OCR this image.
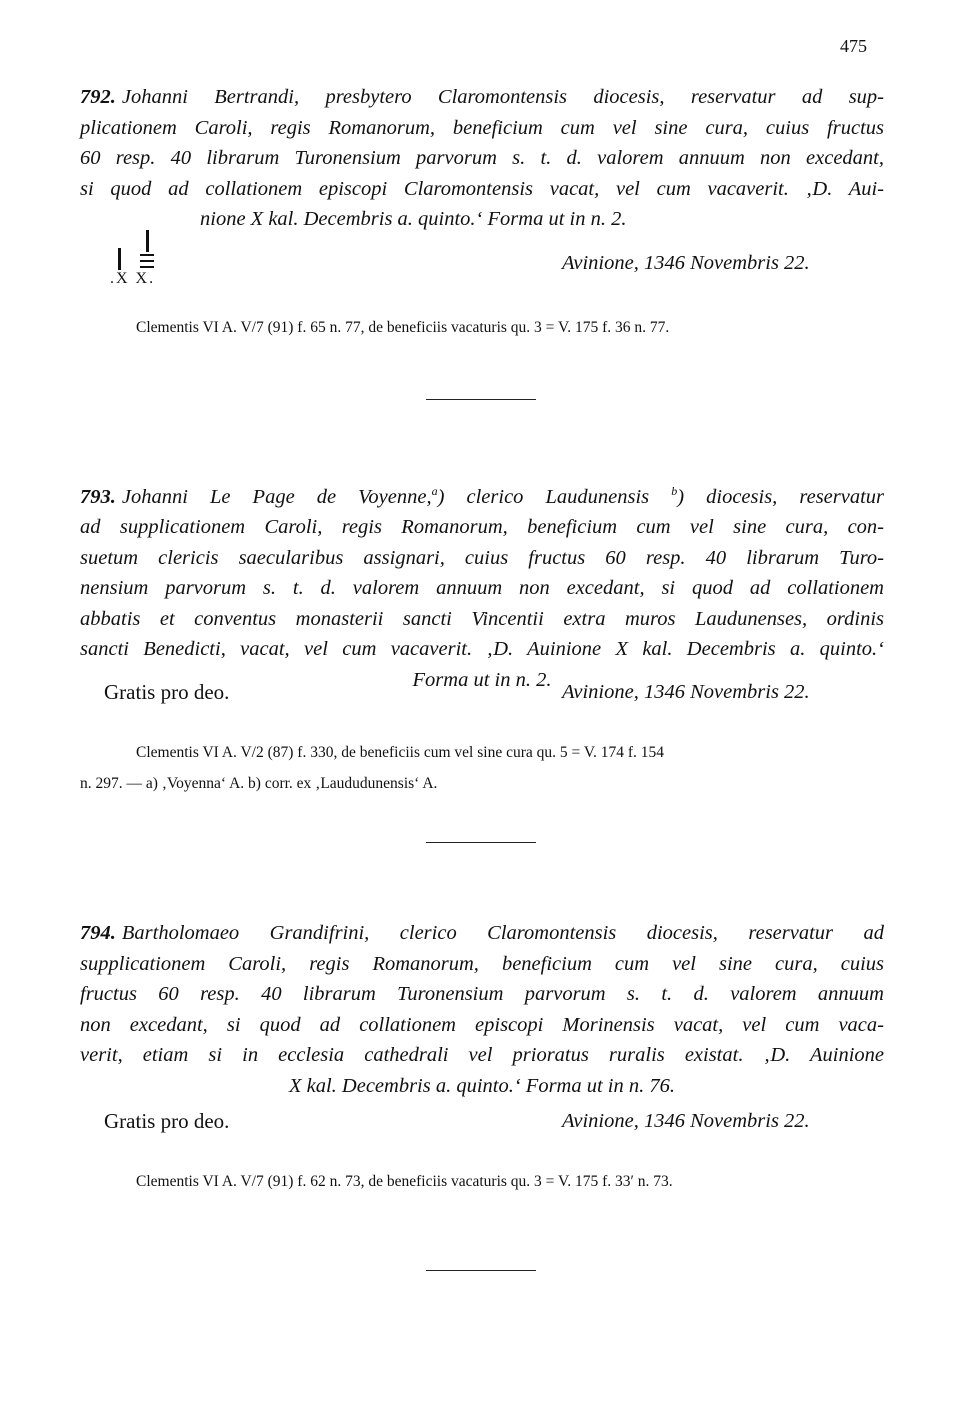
475
792. Johanni Bertrandi, presbytero Claromontensis diocesis, reservatur ad sup-
plicationem Caroli, regis Romanorum, beneficium cum vel sine cura, cuius fructus
60 resp. 40 librarum Turonensium parvorum s. t. d. valorem annuum non excedant,
si quod ad collationem episcopi Claromontensis vacat, vel cum vacaverit. ‚D. Aui-
nione X kal. Decembris a. quinto.‘ Forma ut in n. 2.
.X X.
Avinione, 1346 Novembris 22.
Clementis VI A. V/7 (91) f. 65 n. 77, de beneficiis vacaturis qu. 3 = V. 175 f. 36 n. 77.
793. Johanni Le Page de Voyenne,$^a$) clerico Laudunensis $^b$) diocesis, reservatur
ad supplicationem Caroli, regis Romanorum, beneficium cum vel sine cura, con-
suetum clericis saecularibus assignari, cuius fructus 60 resp. 40 librarum Turo-
nensium parvorum s. t. d. valorem annuum non excedant, si quod ad collationem
abbatis et conventus monasterii sancti Vincentii extra muros Laudunenses, ordinis
sancti Benedicti, vacat, vel cum vacaverit. ‚D. Auinione X kal. Decembris a. quinto.‘
Forma ut in n. 2.
Gratis pro deo.	Avinione, 1346 Novembris 22.
Clementis VI A. V/2 (87) f. 330, de beneficiis cum vel sine cura qu. 5 = V. 174 f. 154
n. 297. — a) ‚Voyenna‘ A. b) corr. ex ‚Laududunensis‘ A.
794. Bartholomaeo Grandifrini, clerico Claromontensis diocesis, reservatur ad
supplicationem Caroli, regis Romanorum, beneficium cum vel sine cura, cuius
fructus 60 resp. 40 librarum Turonensium parvorum s. t. d. valorem annuum
non excedant, si quod ad collationem episcopi Morinensis vacat, vel cum vaca-
verit, etiam si in ecclesia cathedrali vel prioratus ruralis existat. ‚D. Auinione
X kal. Decembris a. quinto.‘ Forma ut in n. 76.
Gratis pro deo.	Avinione, 1346 Novembris 22.
Clementis VI A. V/7 (91) f. 62 n. 73, de beneficiis vacaturis qu. 3 = V. 175 f. 33′ n. 73.
